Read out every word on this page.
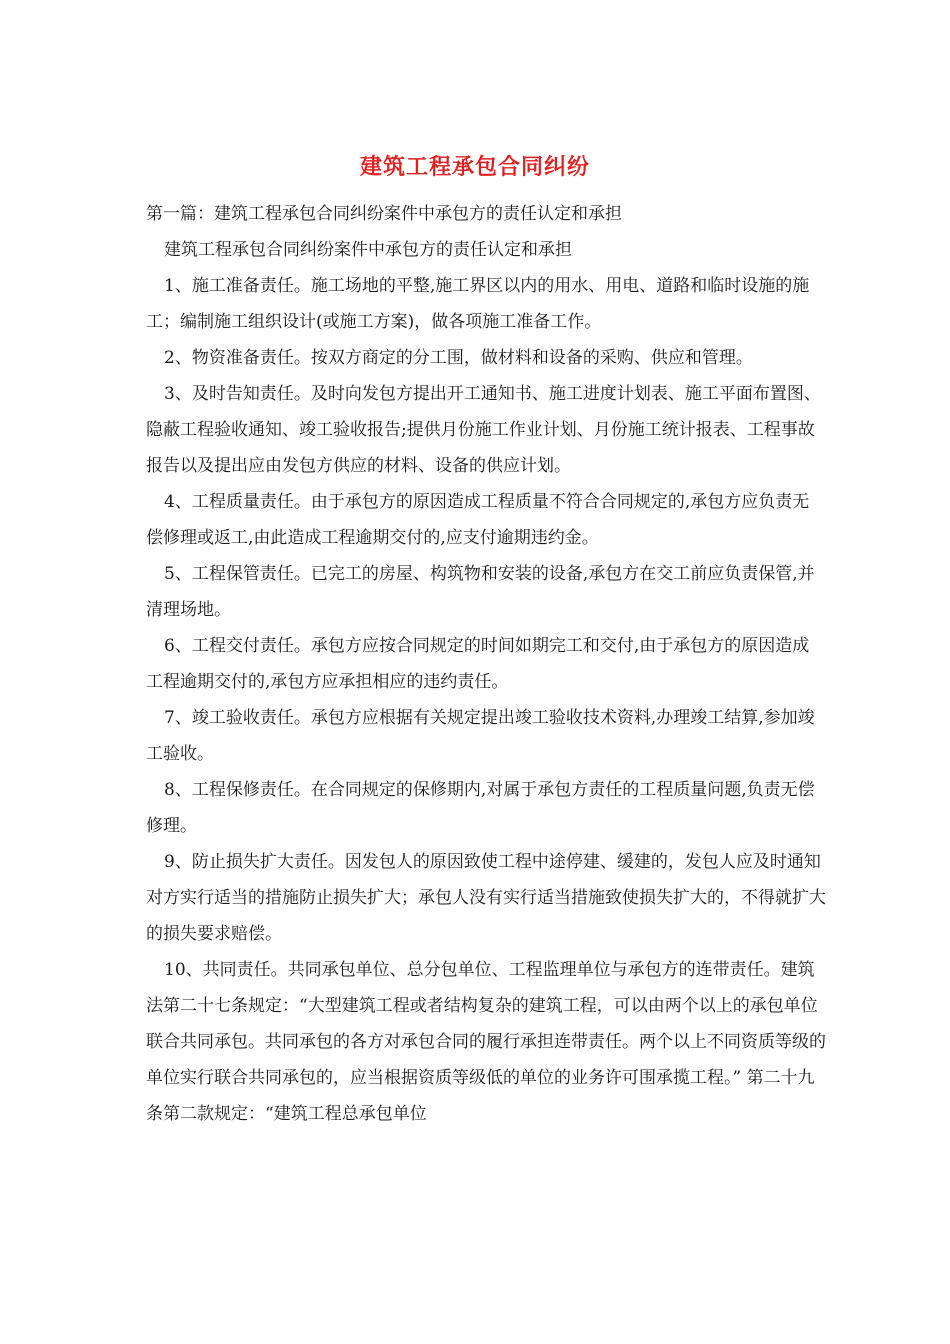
建筑工程承包合同纠纷

第一篇：建筑工程承包合同纠纷案件中承包方的责任认定和承担

建筑工程承包合同纠纷案件中承包方的责任认定和承担

1、施工准备责任。施工场地的平整,施工界区以内的用水、用电、道路和临时设施的施工；编制施工组织设计(或施工方案)，做各项施工准备工作。

2、物资准备责任。按双方商定的分工围，做材料和设备的采购、供应和管理。

3、及时告知责任。及时向发包方提出开工通知书、施工进度计划表、施工平面布置图、隐蔽工程验收通知、竣工验收报告;提供月份施工作业计划、月份施工统计报表、工程事故报告以及提出应由发包方供应的材料、设备的供应计划。

4、工程质量责任。由于承包方的原因造成工程质量不符合合同规定的,承包方应负责无偿修理或返工,由此造成工程逾期交付的,应支付逾期违约金。

5、工程保管责任。已完工的房屋、构筑物和安装的设备,承包方在交工前应负责保管,并清理场地。

6、工程交付责任。承包方应按合同规定的时间如期完工和交付,由于承包方的原因造成工程逾期交付的,承包方应承担相应的违约责任。

7、竣工验收责任。承包方应根据有关规定提出竣工验收技术资料,办理竣工结算,参加竣工验收。

8、工程保修责任。在合同规定的保修期内,对属于承包方责任的工程质量问题,负责无偿修理。

9、防止损失扩大责任。因发包人的原因致使工程中途停建、缓建的，发包人应及时通知对方实行适当的措施防止损失扩大；承包人没有实行适当措施致使损失扩大的，不得就扩大的损失要求赔偿。

10、共同责任。共同承包单位、总分包单位、工程监理单位与承包方的连带责任。建筑法第二十七条规定：“大型建筑工程或者结构复杂的建筑工程，可以由两个以上的承包单位联合共同承包。共同承包的各方对承包合同的履行承担连带责任。两个以上不同资质等级的单位实行联合共同承包的，应当根据资质等级低的单位的业务许可围承揽工程。” 第二十九条第二款规定：“建筑工程总承包单位
